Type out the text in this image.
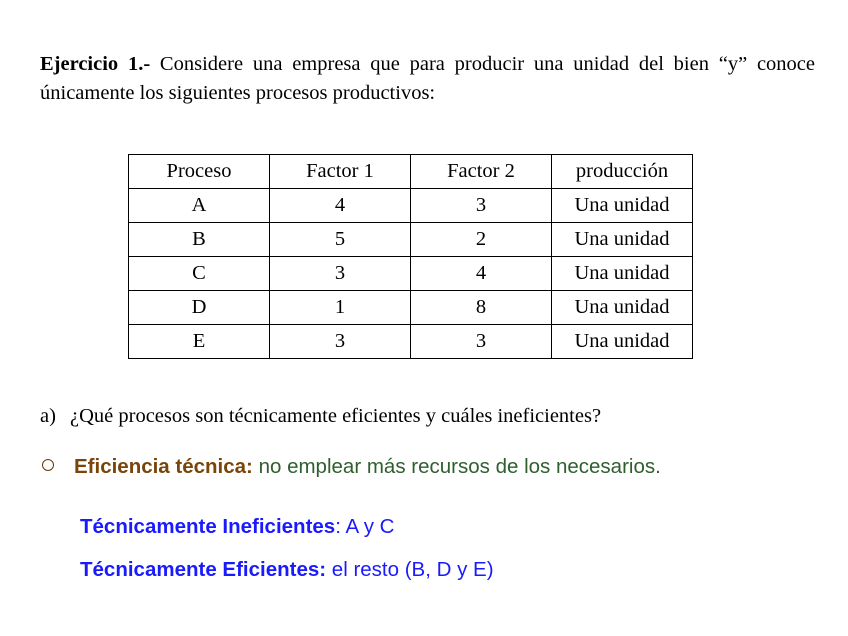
Ejercicio 1.- Considere una empresa que para producir una unidad del bien “y” conoce únicamente los siguientes procesos productivos:
Proceso	Factor 1	Factor 2	producción
A	4	3	Una unidad
B	5	2	Una unidad
C	3	4	Una unidad
D	1	8	Una unidad
E	3	3	Una unidad
a) ¿Qué procesos son técnicamente eficientes y cuáles ineficientes?
Eficiencia técnica: no emplear más recursos de los necesarios.
Técnicamente Ineficientes: A y C
Técnicamente Eficientes: el resto (B, D y E)
